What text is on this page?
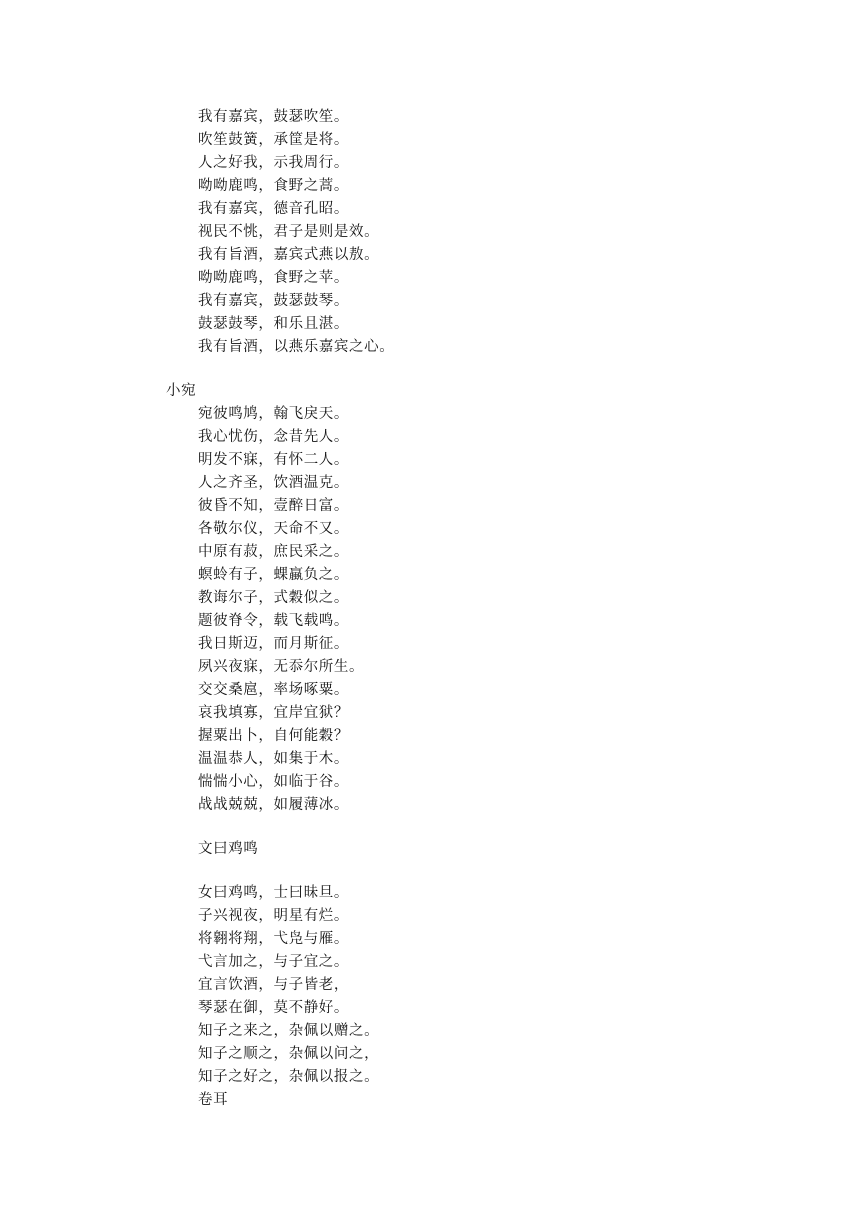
我有嘉宾，鼓瑟吹笙。
吹笙鼓簧，承筐是将。
人之好我，示我周行。
呦呦鹿鸣，食野之蒿。
我有嘉宾，德音孔昭。
视民不恌，君子是则是效。
我有旨酒，嘉宾式燕以敖。
呦呦鹿鸣，食野之苹。
我有嘉宾，鼓瑟鼓琴。
鼓瑟鼓琴，和乐且湛。
我有旨酒，以燕乐嘉宾之心。
小宛
宛彼鸣鸠，翰飞戾天。
我心忧伤，念昔先人。
明发不寐，有怀二人。
人之齐圣，饮酒温克。
彼昏不知，壹醉日富。
各敬尔仪，天命不又。
中原有菽，庶民采之。
螟蛉有子，蜾蠃负之。
教诲尔子，式穀似之。
题彼脊令，载飞载鸣。
我日斯迈，而月斯征。
夙兴夜寐，无忝尔所生。
交交桑扈，率场啄粟。
哀我填寡，宜岸宜狱？
握粟出卜，自何能穀？
温温恭人，如集于木。
惴惴小心，如临于谷。
战战兢兢，如履薄冰。
文曰鸡鸣
女曰鸡鸣，士曰昧旦。
子兴视夜，明星有烂。
将翱将翔，弋凫与雁。
弋言加之，与子宜之。
宜言饮酒，与子皆老，
琴瑟在御，莫不静好。
知子之来之，杂佩以赠之。
知子之顺之，杂佩以问之，
知子之好之，杂佩以报之。
卷耳
